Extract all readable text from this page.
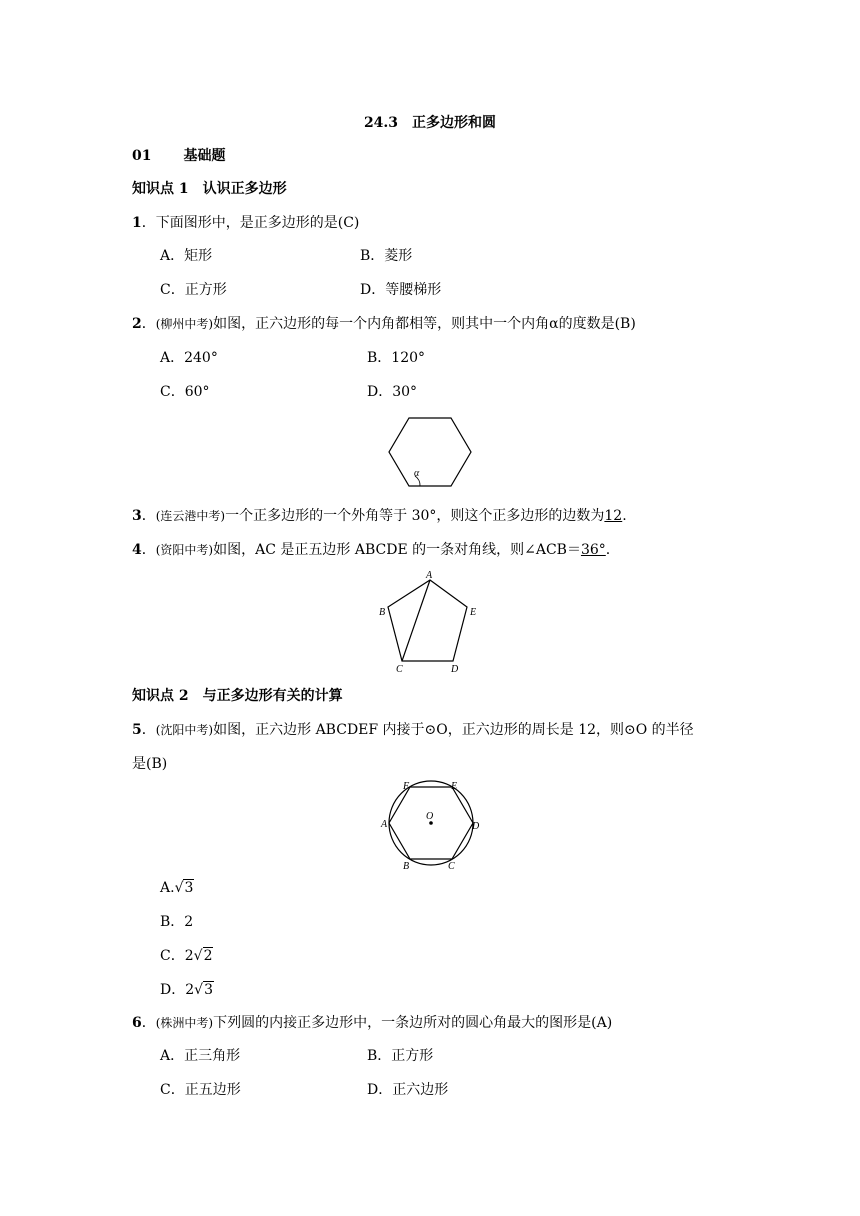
24.3　正多边形和圆
01 基础题
知识点 1　认识正多边形
1．下面图形中，是正多边形的是(C)
A．矩形	B．菱形
C．正方形	D．等腰梯形
2．(柳州中考)如图，正六边形的每一个内角都相等，则其中一个内角α的度数是(B)
A．240°	B．120°
C．60°	D．30°
α
3．(连云港中考)一个正多边形的一个外角等于 30°，则这个正多边形的边数为12.
4．(资阳中考)如图，AC 是正五边形 ABCDE 的一条对角线，则∠ACB＝36°.
A
B
C	D
E
知识点 2　与正多边形有关的计算
5．(沈阳中考)如图，正六边形 ABCDEF 内接于⊙O，正六边形的周长是 12，则⊙O 的半径
是(B)
A
B	C
D
E
F
O
A.√3
B．2
C．2√2
D．2√3
6．(株洲中考)下列圆的内接正多边形中，一条边所对的圆心角最大的图形是(A)
A．正三角形	B．正方形
C．正五边形	D．正六边形
